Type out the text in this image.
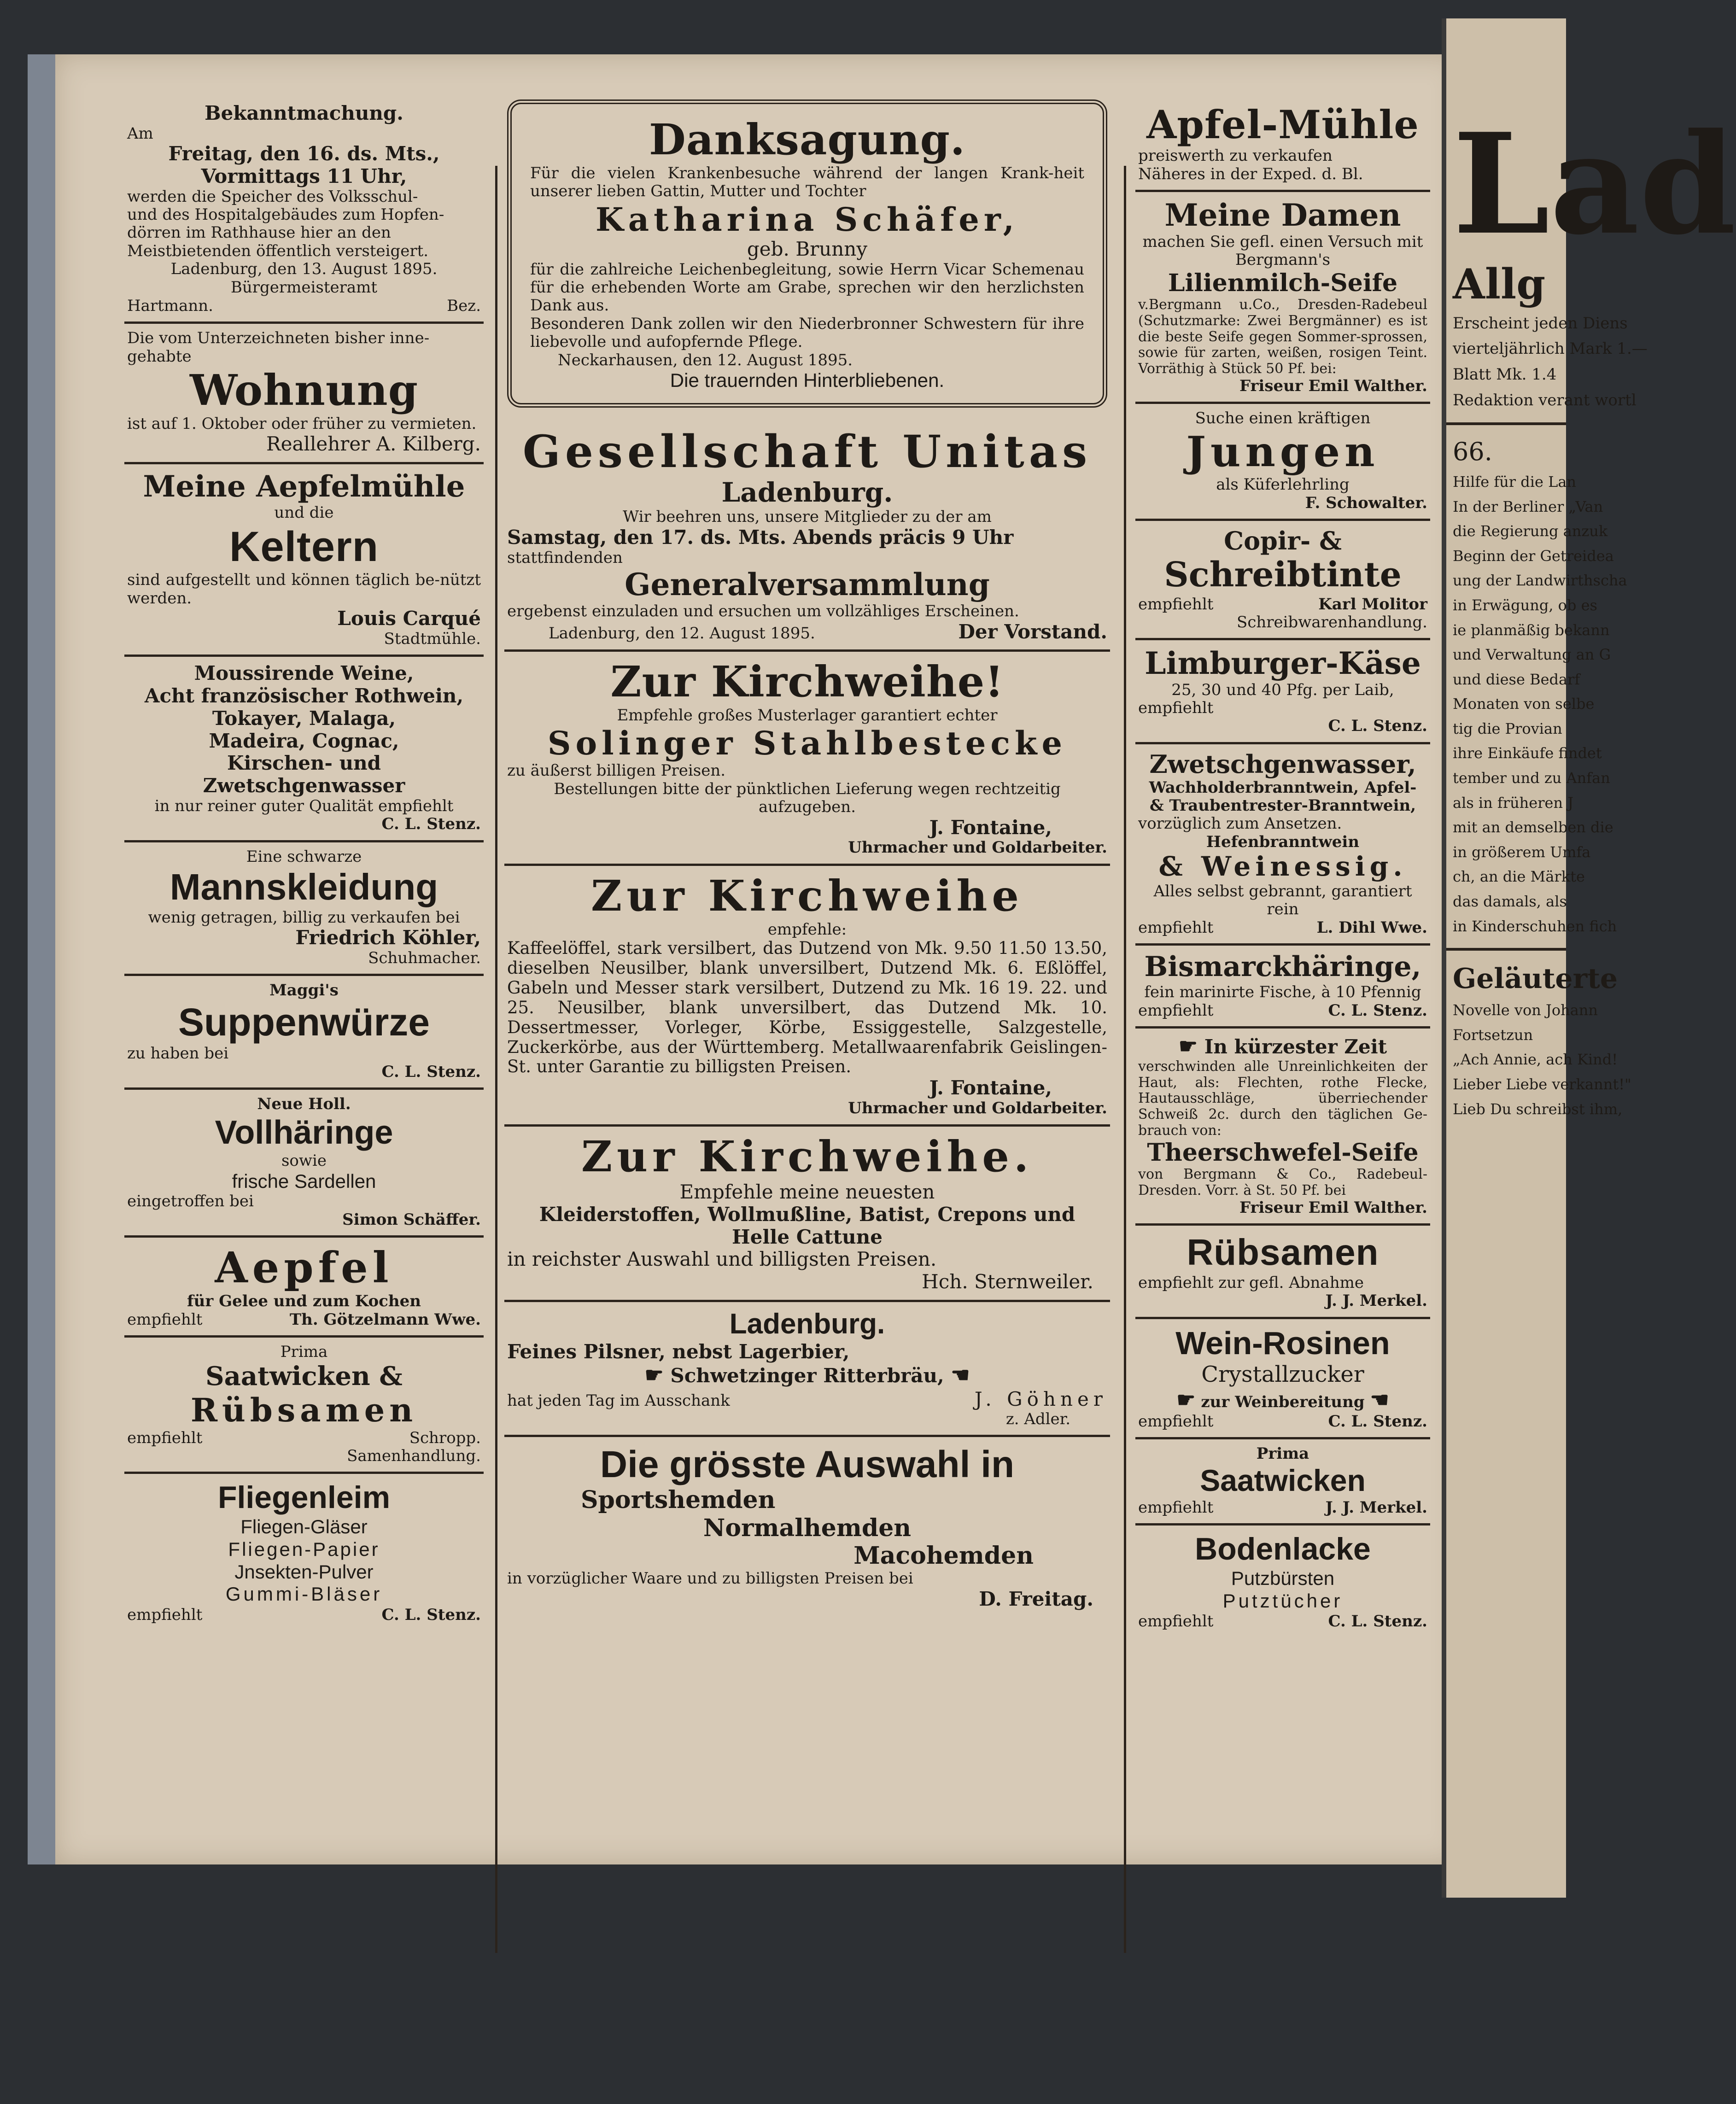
Bekanntmachung.

Am

Freitag, den 16. ds. Mts.,

Vormittags 11 Uhr,

werden die Speicher des Volksschul-

und des Hospitalgebäudes zum Hopfen-

dörren im Rathhause hier an den

Meistbietenden öffentlich versteigert.

Ladenburg, den 13. August 1895.

Bürgermeisteramt

Hartmann.	Bez.

Die vom Unterzeichneten bisher inne-gehabte

Wohnung

ist auf 1. Oktober oder früher zu vermieten.

Reallehrer A. Kilberg.

Meine Aepfelmühle

und die

Keltern

sind aufgestellt und können täglich be-nützt werden.

Louis Carqué

Stadtmühle.

Moussirende Weine,

Acht französischer Rothwein,

Tokayer, Malaga,

Madeira, Cognac,

Kirschen- und

Zwetschgenwasser

in nur reiner guter Qualität empfiehlt

C. L. Stenz.

Eine schwarze

Mannskleidung

wenig getragen, billig zu verkaufen bei

Friedrich Köhler,

Schuhmacher.

Maggi's

Suppenwürze

zu haben bei

C. L. Stenz.

Neue Holl.

Vollhäringe

sowie

frische Sardellen

eingetroffen bei

Simon Schäffer.

Aepfel

für Gelee und zum Kochen

empfiehlt	Th. Götzelmann Wwe.

Prima

Saatwicken &

Rübsamen

empfiehlt	Schropp.

Samenhandlung.

Fliegenleim

Fliegen-Gläser

Fliegen-Papier

Jnsekten-Pulver

Gummi-Bläser

empfiehlt	C. L. Stenz.

Danksagung.

Für die vielen Krankenbesuche während der langen Krank-heit unserer lieben Gattin, Mutter und Tochter

Katharina Schäfer,

geb. Brunny

für die zahlreiche Leichenbegleitung, sowie Herrn Vicar Schemenau für die erhebenden Worte am Grabe, sprechen wir den herzlichsten Dank aus.

Besonderen Dank zollen wir den Niederbronner Schwestern für ihre liebevolle und aufopfernde Pflege.

Neckarhausen, den 12. August 1895.

Die trauernden Hinterbliebenen.

Gesellschaft Unitas

Ladenburg.

Wir beehren uns, unsere Mitglieder zu der am

Samstag, den 17. ds. Mts. Abends präcis 9 Uhr

stattfindenden

Generalversammlung

ergebenst einzuladen und ersuchen um vollzähliges Erscheinen.

Ladenburg, den 12. August 1895.	Der Vorstand.

Zur Kirchweihe!

Empfehle großes Musterlager garantiert echter

Solinger Stahlbestecke

zu äußerst billigen Preisen.

Bestellungen bitte der pünktlichen Lieferung wegen rechtzeitig aufzugeben.

J. Fontaine,

Uhrmacher und Goldarbeiter.

Zur Kirchweihe

empfehle:

Kaffeelöffel, stark versilbert, das Dutzend von Mk. 9.50 11.50 13.50, dieselben Neusilber, blank unversilbert, Dutzend Mk. 6. Eßlöffel, Gabeln und Messer stark versilbert, Dutzend zu Mk. 16 19. 22. und 25. Neusilber, blank unversilbert, das Dutzend Mk. 10. Dessertmesser, Vorleger, Körbe, Essiggestelle, Salzgestelle, Zuckerkörbe, aus der Württemberg. Metallwaarenfabrik Geislingen-St. unter Garantie zu billigsten Preisen.

J. Fontaine,

Uhrmacher und Goldarbeiter.

Zur Kirchweihe.

Empfehle meine neuesten

Kleiderstoffen, Wollmußline, Batist, Crepons und

Helle Cattune

in reichster Auswahl und billigsten Preisen.

Hch. Sternweiler.

Ladenburg.

Feines Pilsner, nebst Lagerbier,

☛ Schwetzinger Ritterbräu, ☚

hat jeden Tag im Ausschank	J. Göhner

z. Adler.

Die grösste Auswahl in

Sportshemden

Normalhemden

Macohemden

in vorzüglicher Waare und zu billigsten Preisen bei

D. Freitag.

Apfel-Mühle

preiswerth zu verkaufen

Näheres in der Exped. d. Bl.

Meine Damen

machen Sie gefl. einen Versuch mit Bergmann's

Lilienmilch-Seife

v.Bergmann u.Co., Dresden-Radebeul (Schutzmarke: Zwei Bergmänner) es ist die beste Seife gegen Sommer-sprossen, sowie für zarten, weißen, rosigen Teint. Vorräthig à Stück 50 Pf. bei:

Friseur Emil Walther.

Suche einen kräftigen

Jungen

als Küferlehrling

F. Schowalter.

Copir- &

Schreibtinte

empfiehlt	Karl Molitor

Schreibwarenhandlung.

Limburger-Käse

25, 30 und 40 Pfg. per Laib,

empfiehlt

C. L. Stenz.

Zwetschgenwasser,

Wachholderbranntwein, Apfel-

& Traubentrester-Branntwein,

vorzüglich zum Ansetzen.

Hefenbranntwein

& Weinessig.

Alles selbst gebrannt, garantiert rein

empfiehlt	L. Dihl Wwe.

Bismarckhäringe,

fein marinirte Fische, à 10 Pfennig

empfiehlt	C. L. Stenz.

☛ In kürzester Zeit

verschwinden alle Unreinlichkeiten der Haut, als: Flechten, rothe Flecke, Hautausschläge, überriechender Schweiß 2c. durch den täglichen Ge-brauch von:

Theerschwefel-Seife

von Bergmann & Co., Radebeul-Dresden. Vorr. à St. 50 Pf. bei

Friseur Emil Walther.

Rübsamen

empfiehlt zur gefl. Abnahme

J. J. Merkel.

Wein-Rosinen

Crystallzucker

☛ zur Weinbereitung ☚

empfiehlt	C. L. Stenz.

Prima

Saatwicken

empfiehlt	J. J. Merkel.

Bodenlacke

Putzbürsten

Putztücher

empfiehlt	C. L. Stenz.
Lad
Allg
Erscheint jeden Diens
vierteljährlich Mark 1.—
Blatt Mk. 1.4
Redaktion verant wortl
66.
Hilfe für die Lan
In der Berliner „Van
die Regierung anzuk
Beginn der Getreidea
ung der Landwirthscha
in Erwägung, ob es
ie planmäßig bekann
und Verwaltung an G
und diese Bedarf
Monaten von selbe
tig die Provian
ihre Einkäufe findet
tember und zu Anfan
als in früheren J
mit an demselben die
in größerem Umfa
ch, an die Märkte
das damals, als
in Kinderschuhen fich
Geläuterte
Novelle von Johann
Fortsetzun
„Ach Annie, ach Kind!
Lieber Liebe verkannt!"
Lieb Du schreibst ihm,
